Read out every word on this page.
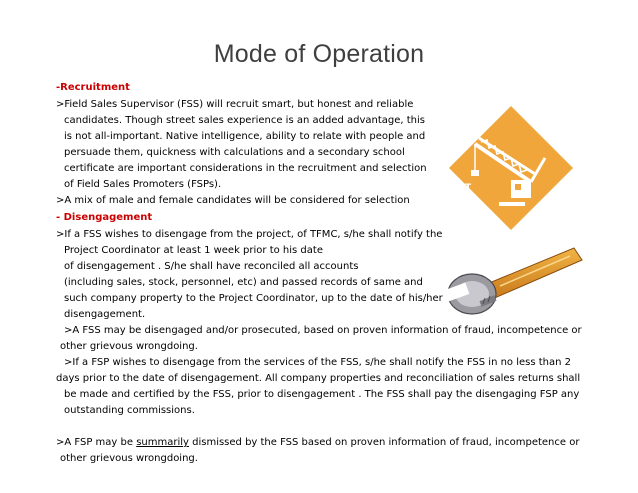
Mode of Operation
T
-Recruitment
>Field Sales Supervisor (FSS) will recruit smart, but honest and reliable
candidates. Though street sales experience is an added advantage, this
is not all-important. Native intelligence, ability to relate with people and
persuade them, quickness with calculations and a secondary school
certificate are important considerations in the recruitment and selection
of Field Sales Promoters (FSPs).
>A mix of male and female candidates will be considered for selection
- Disengagement
>If a FSS wishes to disengage from the project, of TFMC, s/he shall notify the
Project Coordinator at least 1 week prior to his date
of disengagement . S/he shall have reconciled all accounts
(including sales, stock, personnel, etc) and passed records of same and
such company property to the Project Coordinator, up to the date of his/her
disengagement.
>A FSS may be disengaged and/or prosecuted, based on proven information of fraud, incompetence or
other grievous wrongdoing.
>If a FSP wishes to disengage from the services of the FSS, s/he shall notify the FSS in no less than 2
days prior to the date of disengagement. All company properties and reconciliation of sales returns shall
be made and certified by the FSS, prior to disengagement . The FSS shall pay the disengaging FSP any
outstanding commissions.
>A FSP may be summarily dismissed by the FSS based on proven information of fraud, incompetence or
other grievous wrongdoing.
